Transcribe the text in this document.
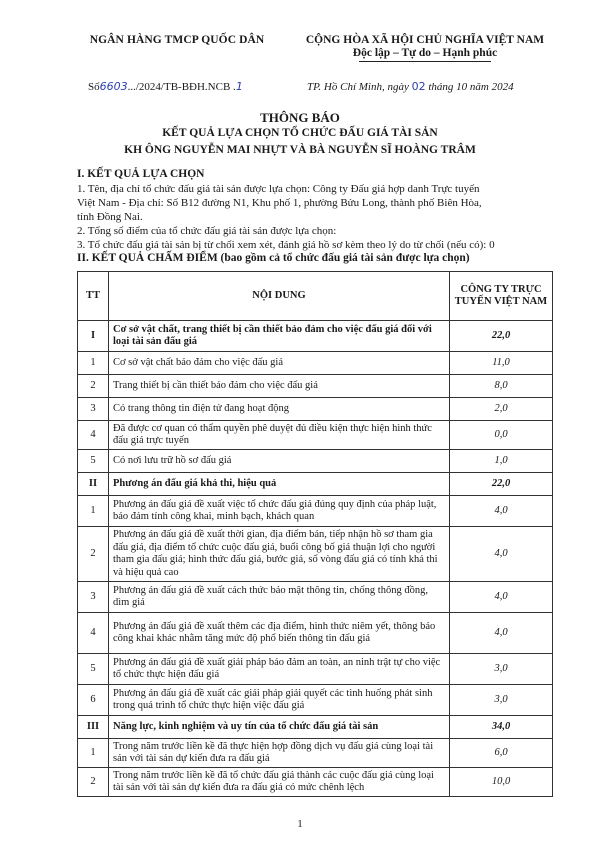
NGÂN HÀNG TMCP QUỐC DÂN	CỘNG HÒA XÃ HỘI CHỦ NGHĨA VIỆT NAM
Độc lập – Tự do – Hạnh phúc
Số6603.../2024/TB-BĐH.NCB .1	TP. Hồ Chí Minh, ngày 02 tháng 10 năm 2024
THÔNG BÁO
KẾT QUẢ LỰA CHỌN TỔ CHỨC ĐẤU GIÁ TÀI SẢN
KH ÔNG NGUYỄN MAI NHỰT VÀ BÀ NGUYỄN SĨ HOÀNG TRÂM
I. KẾT QUẢ LỰA CHỌN
1. Tên, địa chỉ tổ chức đấu giá tài sản được lựa chọn: Công ty Đấu giá hợp danh Trực tuyến
Việt Nam - Địa chỉ: Số B12 đường N1, Khu phố 1, phường Bửu Long, thành phố Biên Hòa,
tỉnh Đồng Nai.
2. Tổng số điểm của tổ chức đấu giá tài sản được lựa chọn:
3. Tổ chức đấu giá tài sản bị từ chối xem xét, đánh giá hồ sơ kèm theo lý do từ chối (nếu có): 0
II. KẾT QUẢ CHẤM ĐIỂM (bao gồm cả tổ chức đấu giá tài sản được lựa chọn)
TT	NỘI DUNG	CÔNG TY TRỰC TUYẾN VIỆT NAM
I	Cơ sở vật chất, trang thiết bị cần thiết bảo đảm cho việc đấu giá đối với loại tài sản đấu giá	22,0
1	Cơ sở vật chất bảo đảm cho việc đấu giá	11,0
2	Trang thiết bị cần thiết bảo đảm cho việc đấu giá	8,0
3	Có trang thông tin điện tử đang hoạt động	2,0
4	Đã được cơ quan có thẩm quyền phê duyệt đủ điều kiện thực hiện hình thức đấu giá trực tuyến	0,0
5	Có nơi lưu trữ hồ sơ đấu giá	1,0
II	Phương án đấu giá khả thi, hiệu quả	22,0
1	Phương án đấu giá đề xuất việc tổ chức đấu giá đúng quy định của pháp luật, bảo đảm tính công khai, minh bạch, khách quan	4,0
2	Phương án đấu giá đề xuất thời gian, địa điểm bán, tiếp nhận hồ sơ tham gia đấu giá, địa điểm tổ chức cuộc đấu giá, buổi công bố giá thuận lợi cho người tham gia đấu giá; hình thức đấu giá, bước giá, số vòng đấu giá có tính khả thi và hiệu quả cao	4,0
3	Phương án đấu giá đề xuất cách thức bảo mật thông tin, chống thông đồng, dìm giá	4,0
4	Phương án đấu giá đề xuất thêm các địa điểm, hình thức niêm yết, thông báo công khai khác nhằm tăng mức độ phổ biến thông tin đấu giá	4,0
5	Phương án đấu giá đề xuất giải pháp bảo đảm an toàn, an ninh trật tự cho việc tổ chức thực hiện đấu giá	3,0
6	Phương án đấu giá đề xuất các giải pháp giải quyết các tình huống phát sinh trong quá trình tổ chức thực hiện việc đấu giá	3,0
III	Năng lực, kinh nghiệm và uy tín của tổ chức đấu giá tài sản	34,0
1	Trong năm trước liền kề đã thực hiện hợp đồng dịch vụ đấu giá cùng loại tài sản với tài sản dự kiến đưa ra đấu giá	6,0
2	Trong năm trước liền kề đã tổ chức đấu giá thành các cuộc đấu giá cùng loại tài sản với tài sản dự kiến đưa ra đấu giá có mức chênh lệch	10,0
1
